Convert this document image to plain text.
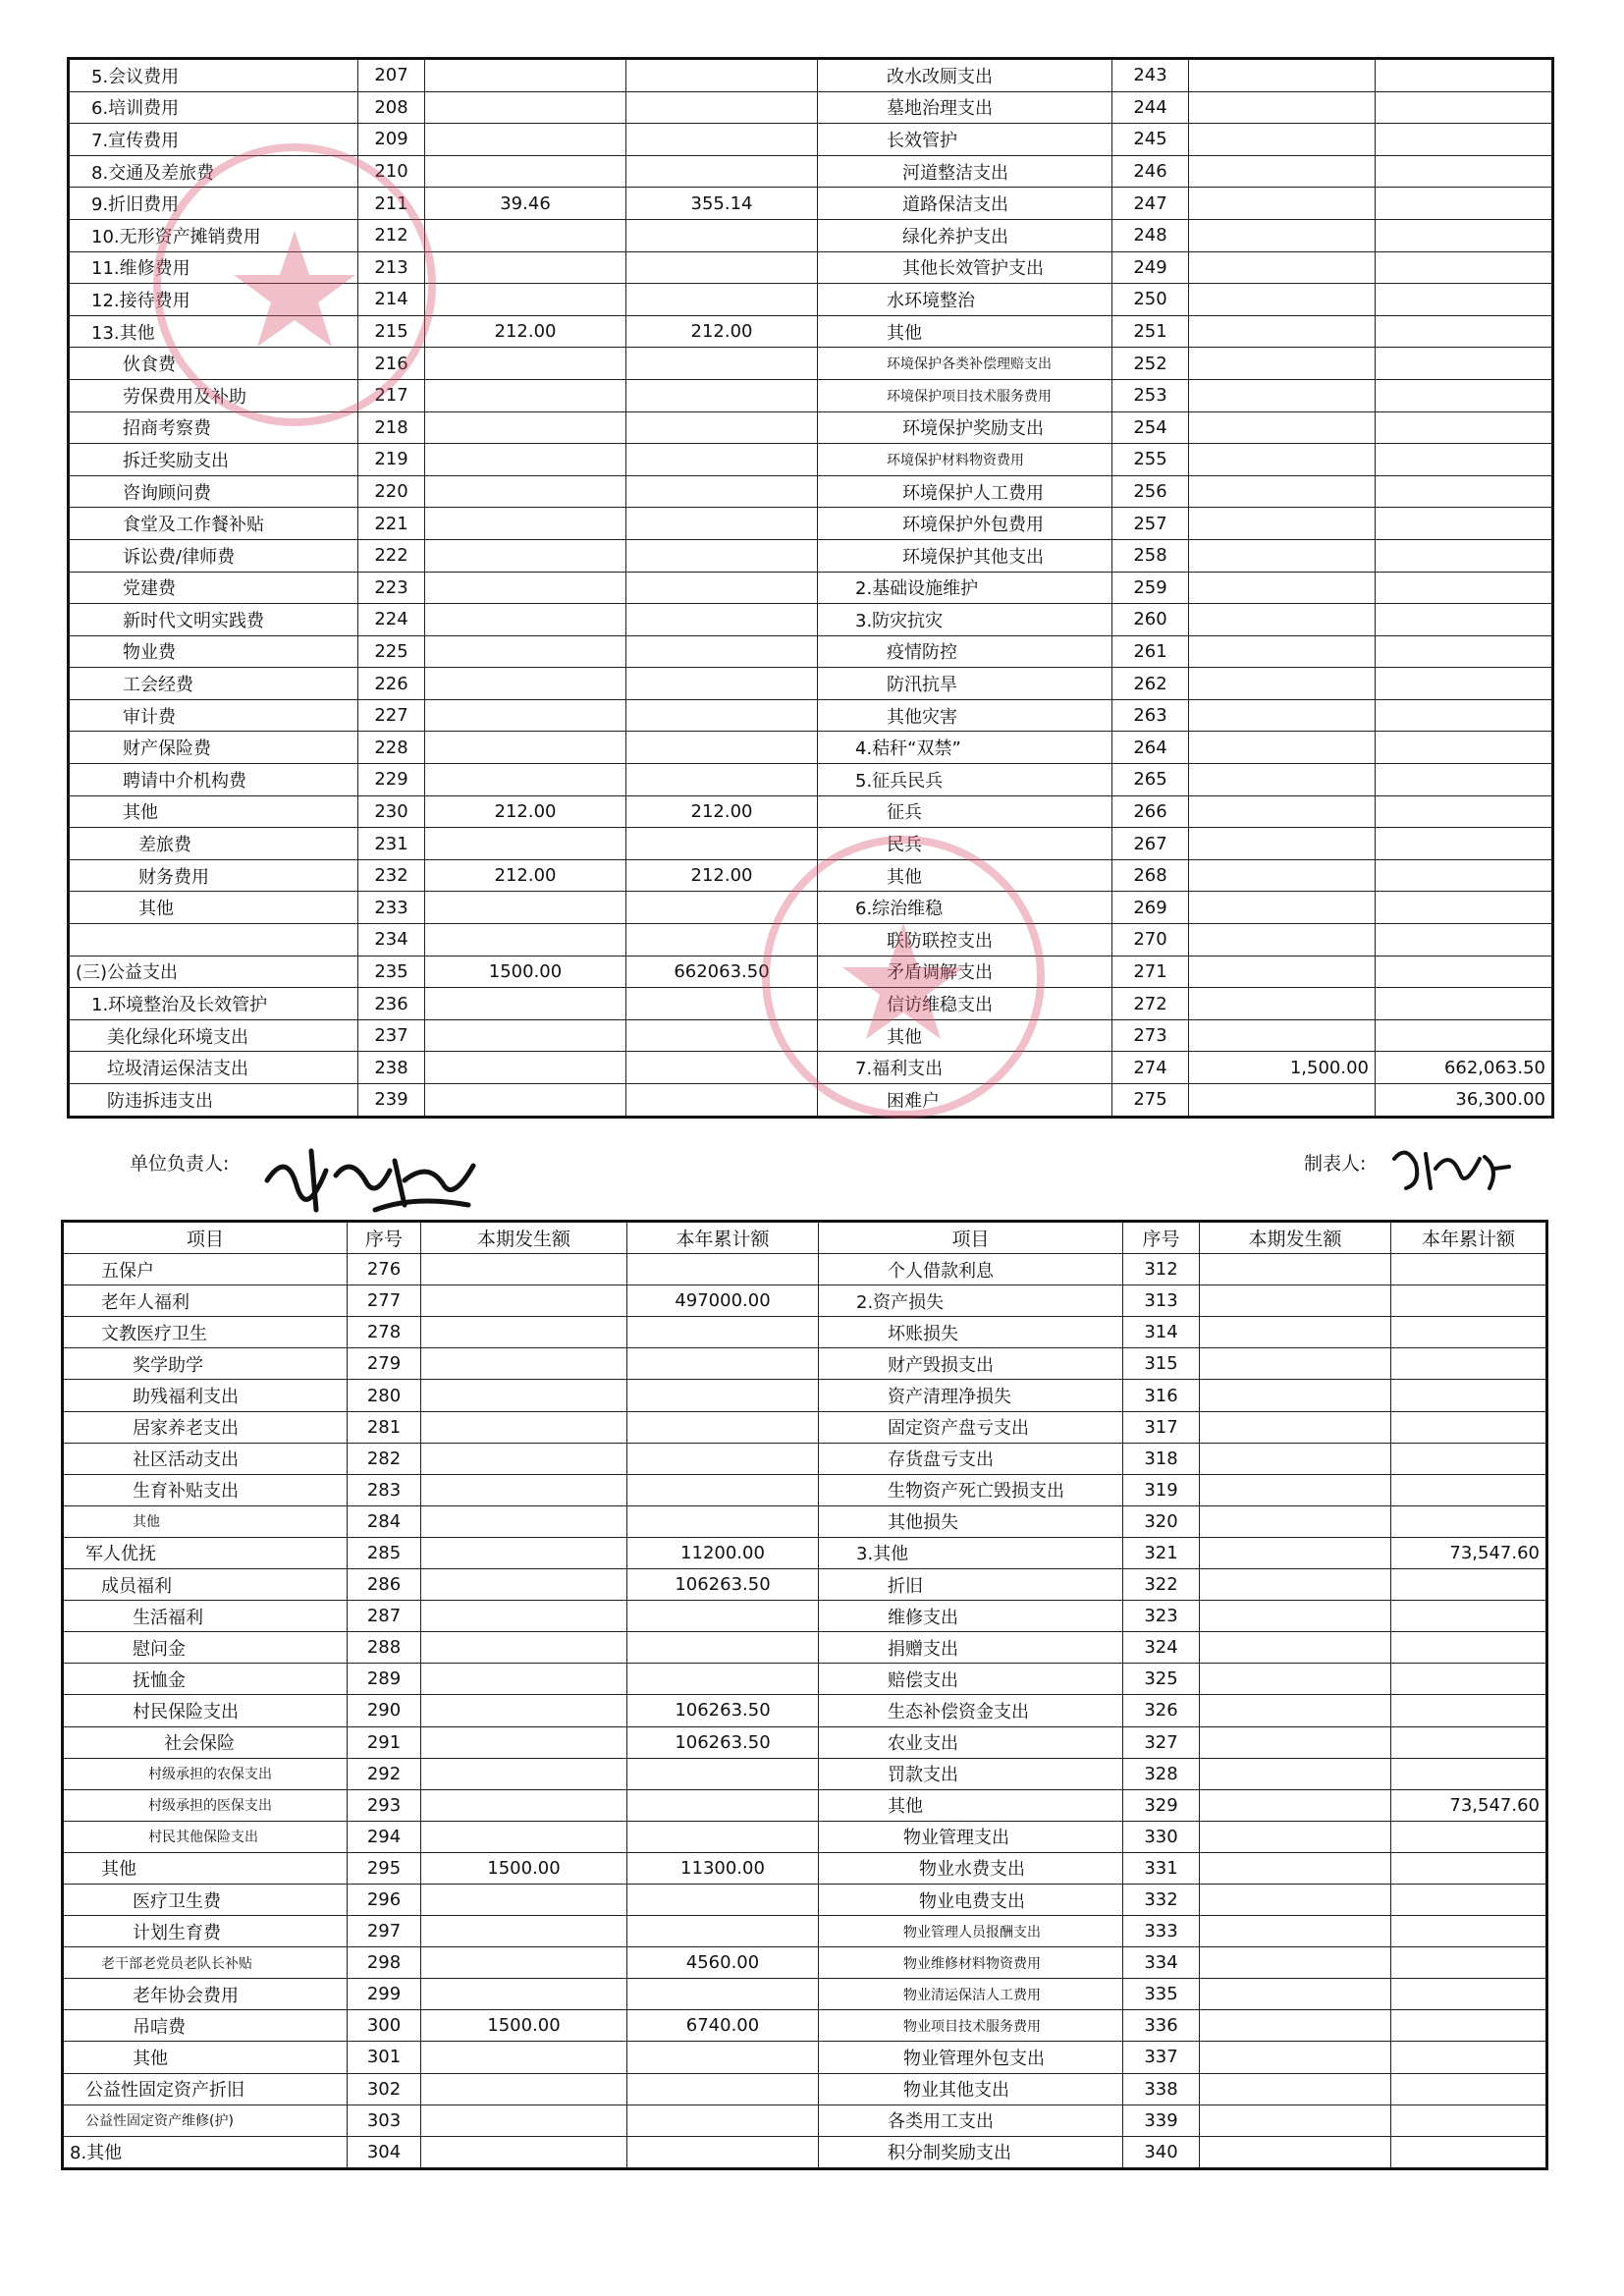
5.会议费用	207			改水改厕支出	243		
6.培训费用	208			墓地治理支出	244		
7.宣传费用	209			长效管护	245		
8.交通及差旅费	210			河道整洁支出	246		
9.折旧费用	211	39.46	355.14	道路保洁支出	247		
10.无形资产摊销费用	212			绿化养护支出	248		
11.维修费用	213			其他长效管护支出	249		
12.接待费用	214			水环境整治	250		
13.其他	215	212.00	212.00	其他	251		
伙食费	216			环境保护各类补偿理赔支出	252		
劳保费用及补助	217			环境保护项目技术服务费用	253		
招商考察费	218			环境保护奖励支出	254		
拆迁奖励支出	219			环境保护材料物资费用	255		
咨询顾问费	220			环境保护人工费用	256		
食堂及工作餐补贴	221			环境保护外包费用	257		
诉讼费/律师费	222			环境保护其他支出	258		
党建费	223			2.基础设施维护	259		
新时代文明实践费	224			3.防灾抗灾	260		
物业费	225			疫情防控	261		
工会经费	226			防汛抗旱	262		
审计费	227			其他灾害	263		
财产保险费	228			4.秸秆“双禁”	264		
聘请中介机构费	229			5.征兵民兵	265		
其他	230	212.00	212.00	征兵	266		
差旅费	231			民兵	267		
财务费用	232	212.00	212.00	其他	268		
其他	233			6.综治维稳	269		
	234			联防联控支出	270		
(三)公益支出	235	1500.00	662063.50	矛盾调解支出	271		
1.环境整治及长效管护	236			信访维稳支出	272		
美化绿化环境支出	237			其他	273		
垃圾清运保洁支出	238			7.福利支出	274	1,500.00	662,063.50
防违拆违支出	239			困难户	275		36,300.00
单位负责人:	制表人:
项目	序号	本期发生额	本年累计额	项目	序号	本期发生额	本年累计额
五保户	276			个人借款利息	312		
老年人福利	277		497000.00	2.资产损失	313		
文教医疗卫生	278			坏账损失	314		
奖学助学	279			财产毁损支出	315		
助残福利支出	280			资产清理净损失	316		
居家养老支出	281			固定资产盘亏支出	317		
社区活动支出	282			存货盘亏支出	318		
生育补贴支出	283			生物资产死亡毁损支出	319		
其他	284			其他损失	320		
军人优抚	285		11200.00	3.其他	321		73,547.60
成员福利	286		106263.50	折旧	322		
生活福利	287			维修支出	323		
慰问金	288			捐赠支出	324		
抚恤金	289			赔偿支出	325		
村民保险支出	290		106263.50	生态补偿资金支出	326		
社会保险	291		106263.50	农业支出	327		
村级承担的农保支出	292			罚款支出	328		
村级承担的医保支出	293			其他	329		73,547.60
村民其他保险支出	294			物业管理支出	330		
其他	295	1500.00	11300.00	物业水费支出	331		
医疗卫生费	296			物业电费支出	332		
计划生育费	297			物业管理人员报酬支出	333		
老干部老党员老队长补贴	298		4560.00	物业维修材料物资费用	334		
老年协会费用	299			物业清运保洁人工费用	335		
吊唁费	300	1500.00	6740.00	物业项目技术服务费用	336		
其他	301			物业管理外包支出	337		
公益性固定资产折旧	302			物业其他支出	338		
公益性固定资产维修(护)	303			各类用工支出	339		
8.其他	304			积分制奖励支出	340		
